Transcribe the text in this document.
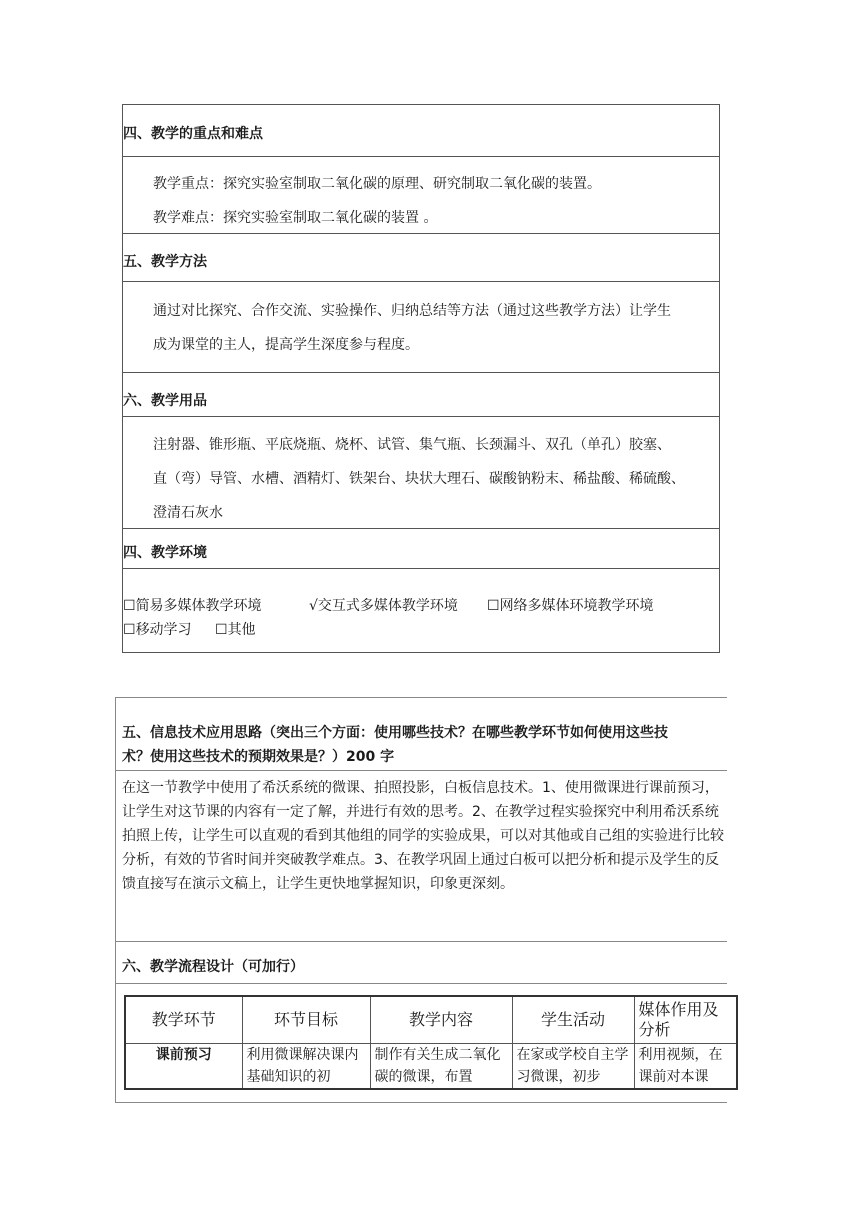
四、教学的重点和难点
教学重点：探究实验室制取二氧化碳的原理、研究制取二氧化碳的装置。
教学难点：探究实验室制取二氧化碳的装置 。
五、教学方法
通过对比探究、合作交流、实验操作、归纳总结等方法（通过这些教学方法）让学生
成为课堂的主人，提高学生深度参与程度。
六、教学用品
注射器、锥形瓶、平底烧瓶、烧杯、试管、集气瓶、长颈漏斗、双孔（单孔）胶塞、
直（弯）导管、水槽、酒精灯、铁架台、块状大理石、碳酸钠粉末、稀盐酸、稀硫酸、
澄清石灰水
四、教学环境
☐简易多媒体教学环境	√交互式多媒体教学环境 ☐网络多媒体环境教学环境
☐移动学习 ☐其他
五、信息技术应用思路（突出三个方面：使用哪些技术？在哪些教学环节如何使用这些技
术？使用这些技术的预期效果是？）200 字
在这一节教学中使用了希沃系统的微课、拍照投影，白板信息技术。1、使用微课进行课前预习，让学生对这节课的内容有一定了解，并进行有效的思考。2、在教学过程实验探究中利用希沃系统拍照上传，让学生可以直观的看到其他组的同学的实验成果，可以对其他或自己组的实验进行比较分析，有效的节省时间并突破教学难点。3、在教学巩固上通过白板可以把分析和提示及学生的反馈直接写在演示文稿上，让学生更快地掌握知识，印象更深刻。
六、教学流程设计（可加行）
教学环节	环节目标	教学内容	学生活动	媒体作用及分析
课前预习	利用微课解决课内基础知识的初	制作有关生成二氧化碳的微课，布置	在家或学校自主学习微课，初步	利用视频，在课前对本课
